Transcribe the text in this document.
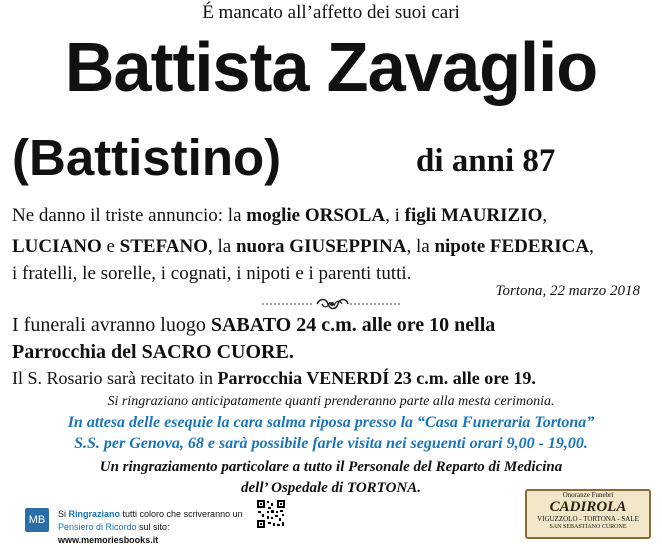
É mancato all’affetto dei suoi cari
Battista Zavaglio
(Battistino)	di anni 87
Ne danno il triste annuncio: la moglie ORSOLA, i figli MAURIZIO,
LUCIANO e STEFANO, la nuora GIUSEPPINA, la nipote FEDERICA,
i fratelli, le sorelle, i cognati, i nipoti e i parenti tutti.
Tortona, 22 marzo 2018
I funerali avranno luogo SABATO 24 c.m. alle ore 10 nella
Parrocchia del SACRO CUORE.
Il S. Rosario sarà recitato in Parrocchia VENERDÍ 23 c.m. alle ore 19.
Si ringraziano anticipatamente quanti prenderanno parte alla mesta cerimonia.
In attesa delle esequie la cara salma riposa presso la “Casa Funeraria Tortona”
S.S. per Genova, 68 e sarà possibile farle visita nei seguenti orari 9,00 - 19,00.
Un ringraziamento particolare a tutto il Personale del Reparto di Medicina
dell’ Ospedale di TORTONA.
MB	Si Ringraziano tutti coloro che scriveranno un
Pensiero di Ricordo sul sito: www.memoriesbooks.it
Onoranze Funebri
CADIROLA
VIGUZZOLO - TORTONA - SALE
SAN SEBASTIANO CURONE
